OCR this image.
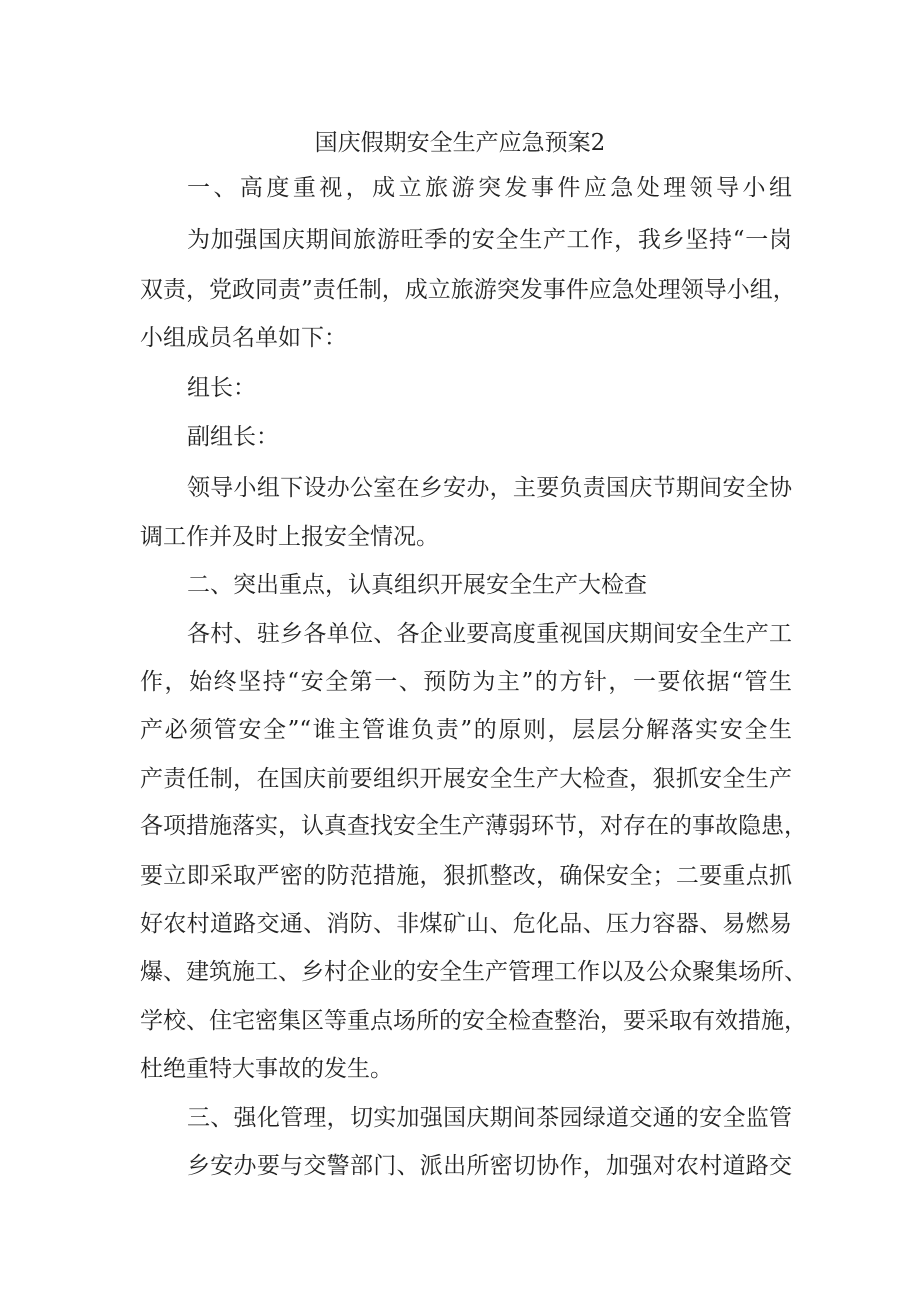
国庆假期安全生产应急预案2
一、高度重视，成立旅游突发事件应急处理领导小组
为加强国庆期间旅游旺季的安全生产工作，我乡坚持“一岗
双责，党政同责”责任制，成立旅游突发事件应急处理领导小组，
小组成员名单如下：
组长：
副组长：
领导小组下设办公室在乡安办，主要负责国庆节期间安全协
调工作并及时上报安全情况。
二、突出重点，认真组织开展安全生产大检查
各村、驻乡各单位、各企业要高度重视国庆期间安全生产工
作，始终坚持“安全第一、预防为主”的方针，一要依据“管生
产必须管安全”“谁主管谁负责”的原则，层层分解落实安全生
产责任制，在国庆前要组织开展安全生产大检查，狠抓安全生产
各项措施落实，认真查找安全生产薄弱环节，对存在的事故隐患，
要立即采取严密的防范措施，狠抓整改，确保安全；二要重点抓
好农村道路交通、消防、非煤矿山、危化品、压力容器、易燃易
爆、建筑施工、乡村企业的安全生产管理工作以及公众聚集场所、
学校、住宅密集区等重点场所的安全检查整治，要采取有效措施，
杜绝重特大事故的发生。
三、强化管理，切实加强国庆期间茶园绿道交通的安全监管
乡安办要与交警部门、派出所密切协作，加强对农村道路交
